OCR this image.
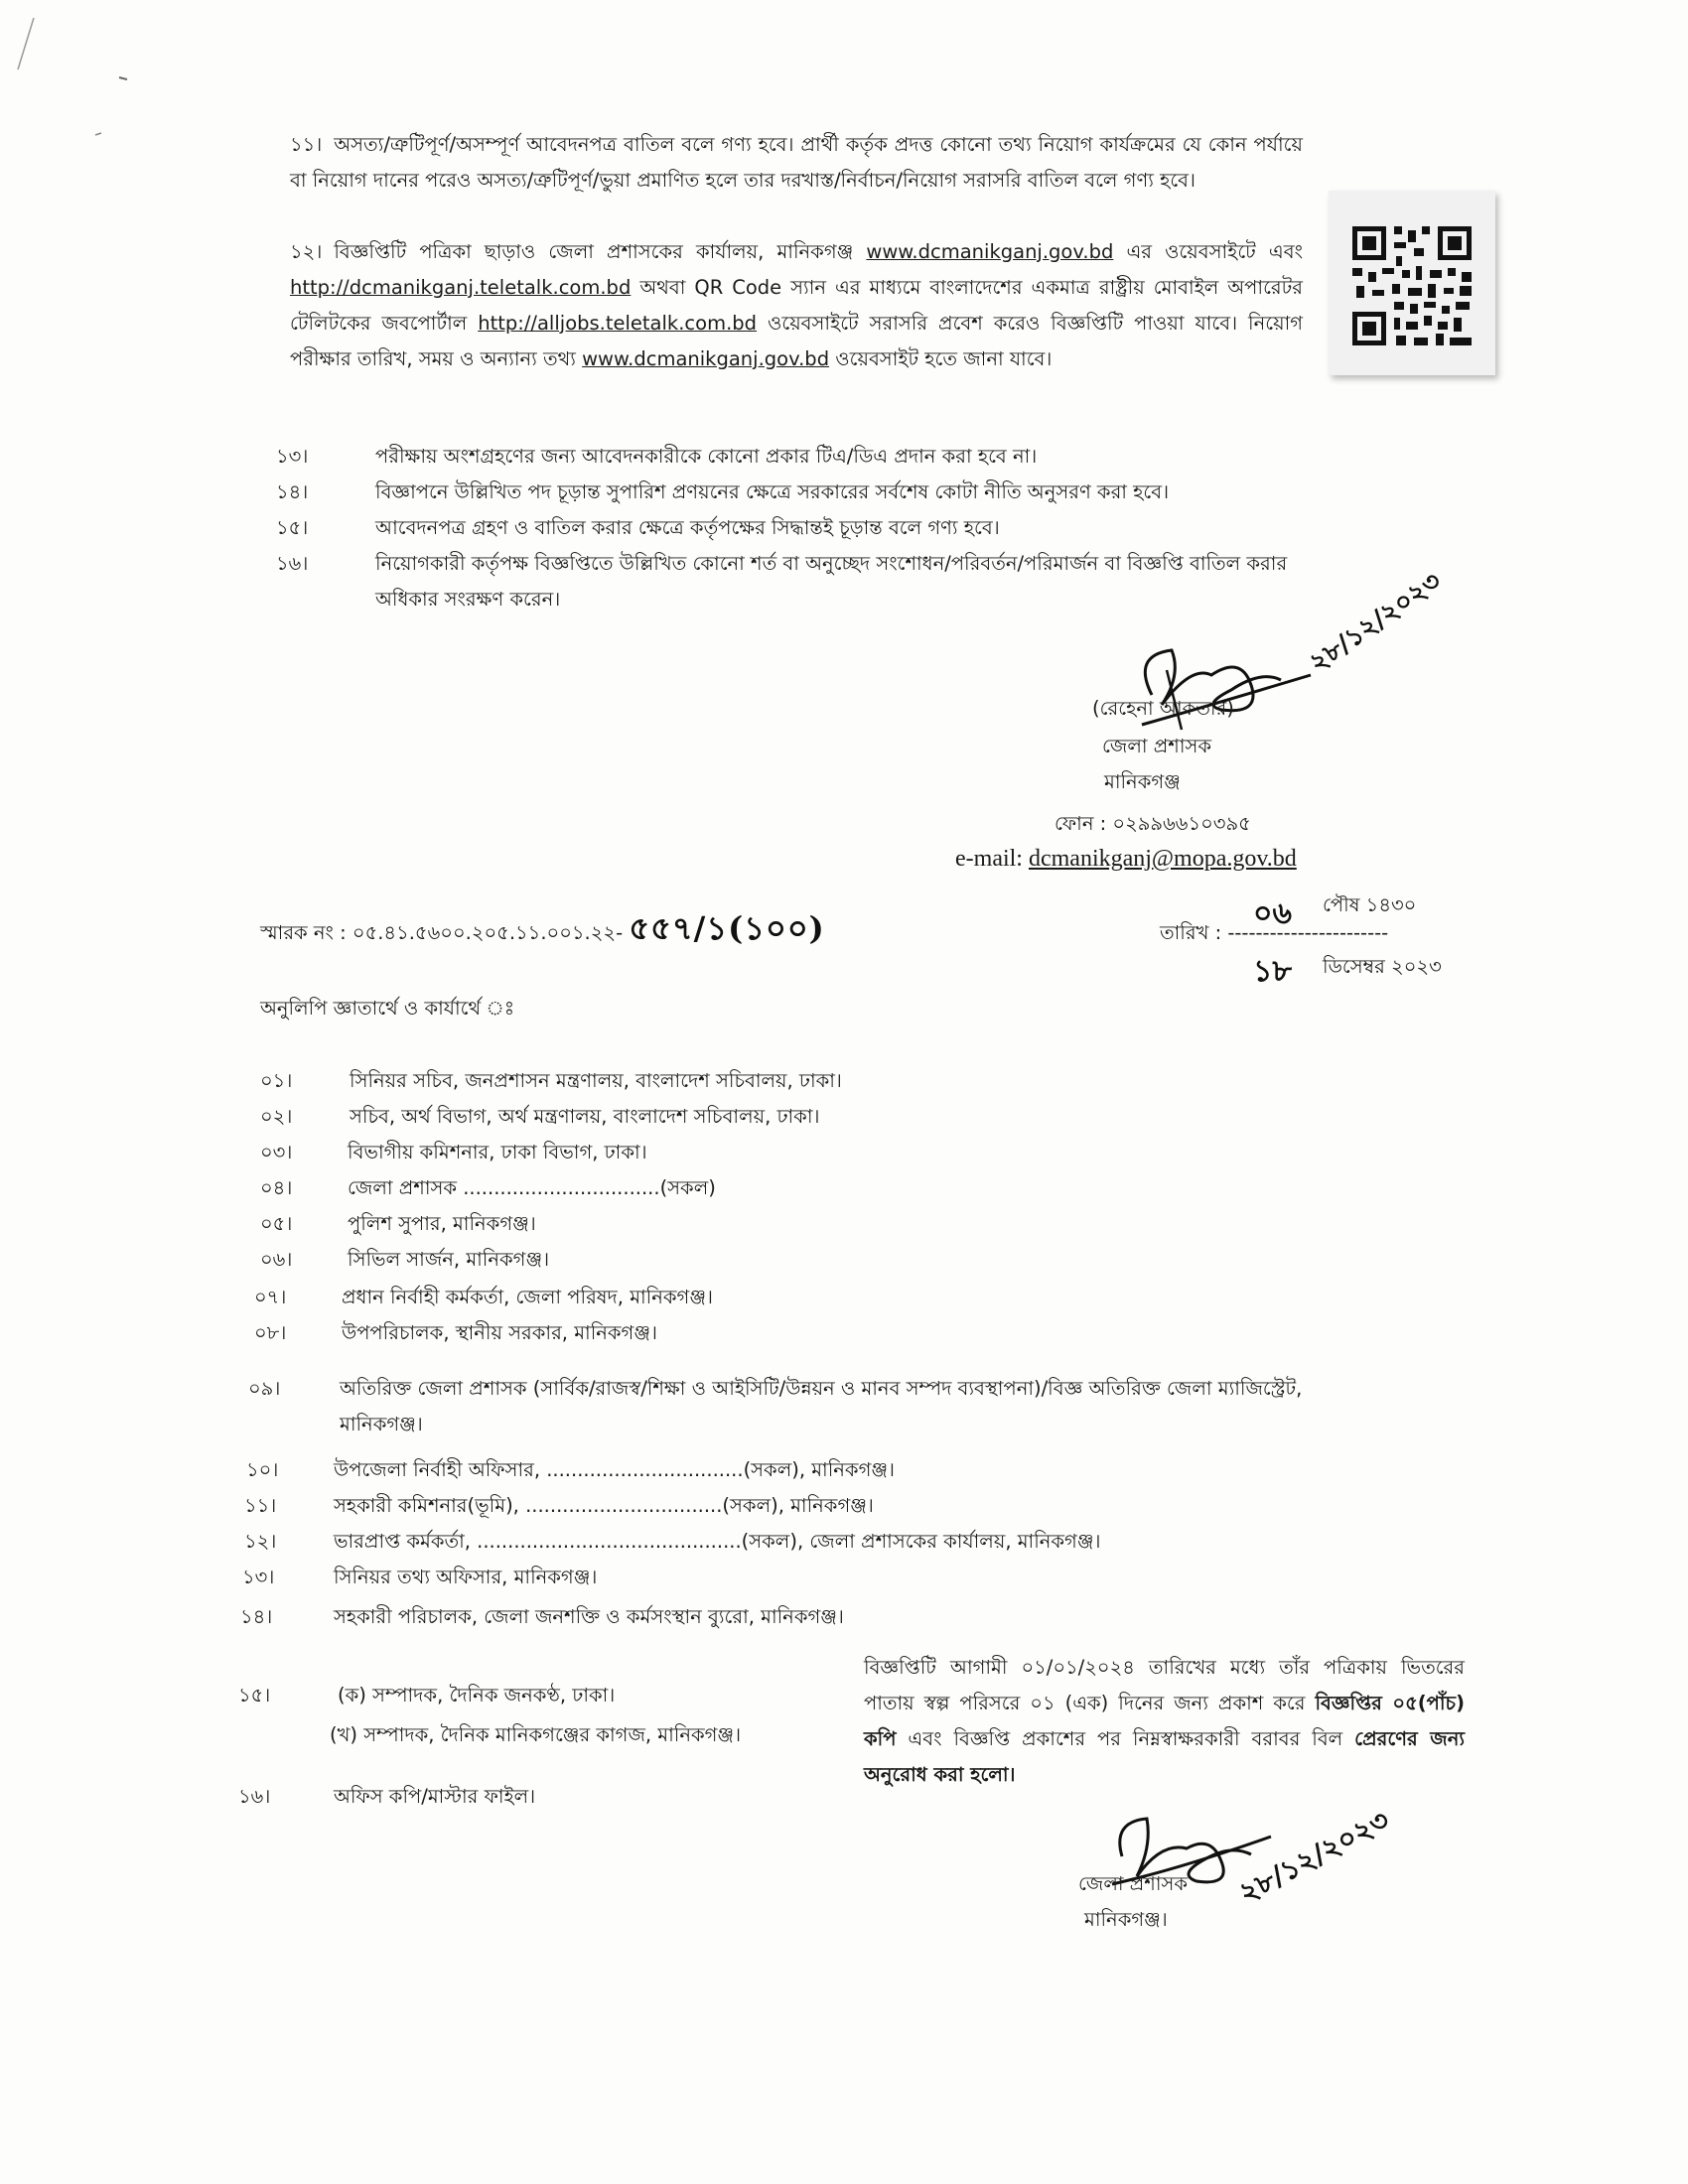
১১। অসত্য/ত্রুটিপূর্ণ/অসম্পূর্ণ আবেদনপত্র বাতিল বলে গণ্য হবে। প্রার্থী কর্তৃক প্রদত্ত কোনো তথ্য নিয়োগ কার্যক্রমের যে কোন পর্যায়ে বা নিয়োগ দানের পরেও অসত্য/ত্রুটিপূর্ণ/ভুয়া প্রমাণিত হলে তার দরখাস্ত/নির্বাচন/নিয়োগ সরাসরি বাতিল বলে গণ্য হবে।
১২। বিজ্ঞপ্তিটি পত্রিকা ছাড়াও জেলা প্রশাসকের কার্যালয়, মানিকগঞ্জ www.dcmanikganj.gov.bd এর ওয়েবসাইটে এবং http://dcmanikganj.teletalk.com.bd অথবা QR Code স্যান এর মাধ্যমে বাংলাদেশের একমাত্র রাষ্ট্রীয় মোবাইল অপারেটর টেলিটকের জবপোর্টাল http://alljobs.teletalk.com.bd ওয়েবসাইটে সরাসরি প্রবেশ করেও বিজ্ঞপ্তিটি পাওয়া যাবে। নিয়োগ পরীক্ষার তারিখ, সময় ও অন্যান্য তথ্য www.dcmanikganj.gov.bd ওয়েবসাইট হতে জানা যাবে।
১৩।	পরীক্ষায় অংশগ্রহণের জন্য আবেদনকারীকে কোনো প্রকার টিএ/ডিএ প্রদান করা হবে না।
১৪।	বিজ্ঞাপনে উল্লিখিত পদ চূড়ান্ত সুপারিশ প্রণয়নের ক্ষেত্রে সরকারের সর্বশেষ কোটা নীতি অনুসরণ করা হবে।
১৫।	আবেদনপত্র গ্রহণ ও বাতিল করার ক্ষেত্রে কর্তৃপক্ষের সিদ্ধান্তই চূড়ান্ত বলে গণ্য হবে।
১৬।	নিয়োগকারী কর্তৃপক্ষ বিজ্ঞপ্তিতে উল্লিখিত কোনো শর্ত বা অনুচ্ছেদ সংশোধন/পরিবর্তন/পরিমার্জন বা বিজ্ঞপ্তি বাতিল করার অধিকার সংরক্ষণ করেন।	২৮/১২/২০২৩
(রেহেনা আকতার)
জেলা প্রশাসক
মানিকগঞ্জ
ফোন : ০২৯৯৬৬১০৩৯৫
e-mail: dcmanikganj@mopa.gov.bd
স্মারক নং : ০৫.৪১.৫৬০০.২০৫.১১.০০১.২২- ৫৫৭/১(১০০)	০৬ পৌষ ১৪৩০
তারিখ : -----------------------
১৮ ডিসেম্বর ২০২৩
অনুলিপি জ্ঞাতার্থে ও কার্যার্থে ঃ
০১।	সিনিয়র সচিব, জনপ্রশাসন মন্ত্রণালয়, বাংলাদেশ সচিবালয়, ঢাকা।
০২।	সচিব, অর্থ বিভাগ, অর্থ মন্ত্রণালয়, বাংলাদেশ সচিবালয়, ঢাকা।
০৩।	বিভাগীয় কমিশনার, ঢাকা বিভাগ, ঢাকা।
০৪।	জেলা প্রশাসক ................................(সকল)
০৫।	পুলিশ সুপার, মানিকগঞ্জ।
০৬।	সিভিল সার্জন, মানিকগঞ্জ।
০৭।	প্রধান নির্বাহী কর্মকর্তা, জেলা পরিষদ, মানিকগঞ্জ।
০৮।	উপপরিচালক, স্থানীয় সরকার, মানিকগঞ্জ।
০৯।	অতিরিক্ত জেলা প্রশাসক (সার্বিক/রাজস্ব/শিক্ষা ও আইসিটি/উন্নয়ন ও মানব সম্পদ ব্যবস্থাপনা)/বিজ্ঞ অতিরিক্ত জেলা ম্যাজিস্ট্রেট,
মানিকগঞ্জ।
১০।	উপজেলা নির্বাহী অফিসার, ................................(সকল), মানিকগঞ্জ।
১১।	সহকারী কমিশনার(ভূমি), ................................(সকল), মানিকগঞ্জ।
১২।	ভারপ্রাপ্ত কর্মকর্তা, ...........................................(সকল), জেলা প্রশাসকের কার্যালয়, মানিকগঞ্জ।
১৩।	সিনিয়র তথ্য অফিসার, মানিকগঞ্জ।
১৪।	সহকারী পরিচালক, জেলা জনশক্তি ও কর্মসংস্থান ব্যুরো, মানিকগঞ্জ।
১৫।	(ক) সম্পাদক, দৈনিক জনকণ্ঠ, ঢাকা।
(খ) সম্পাদক, দৈনিক মানিকগঞ্জের কাগজ, মানিকগঞ্জ।
বিজ্ঞপ্তিটি আগামী ০১/০১/২০২৪ তারিখের মধ্যে তাঁর পত্রিকায় ভিতরের পাতায় স্বল্প পরিসরে ০১ (এক) দিনের জন্য প্রকাশ করে বিজ্ঞপ্তির ০৫(পাঁচ) কপি এবং বিজ্ঞপ্তি প্রকাশের পর নিম্নস্বাক্ষরকারী বরাবর বিল প্রেরণের জন্য অনুরোধ করা হলো।
১৬।	অফিস কপি/মাস্টার ফাইল।
জেলা প্রশাসক
মানিকগঞ্জ।
২৮/১২/২০২৩
